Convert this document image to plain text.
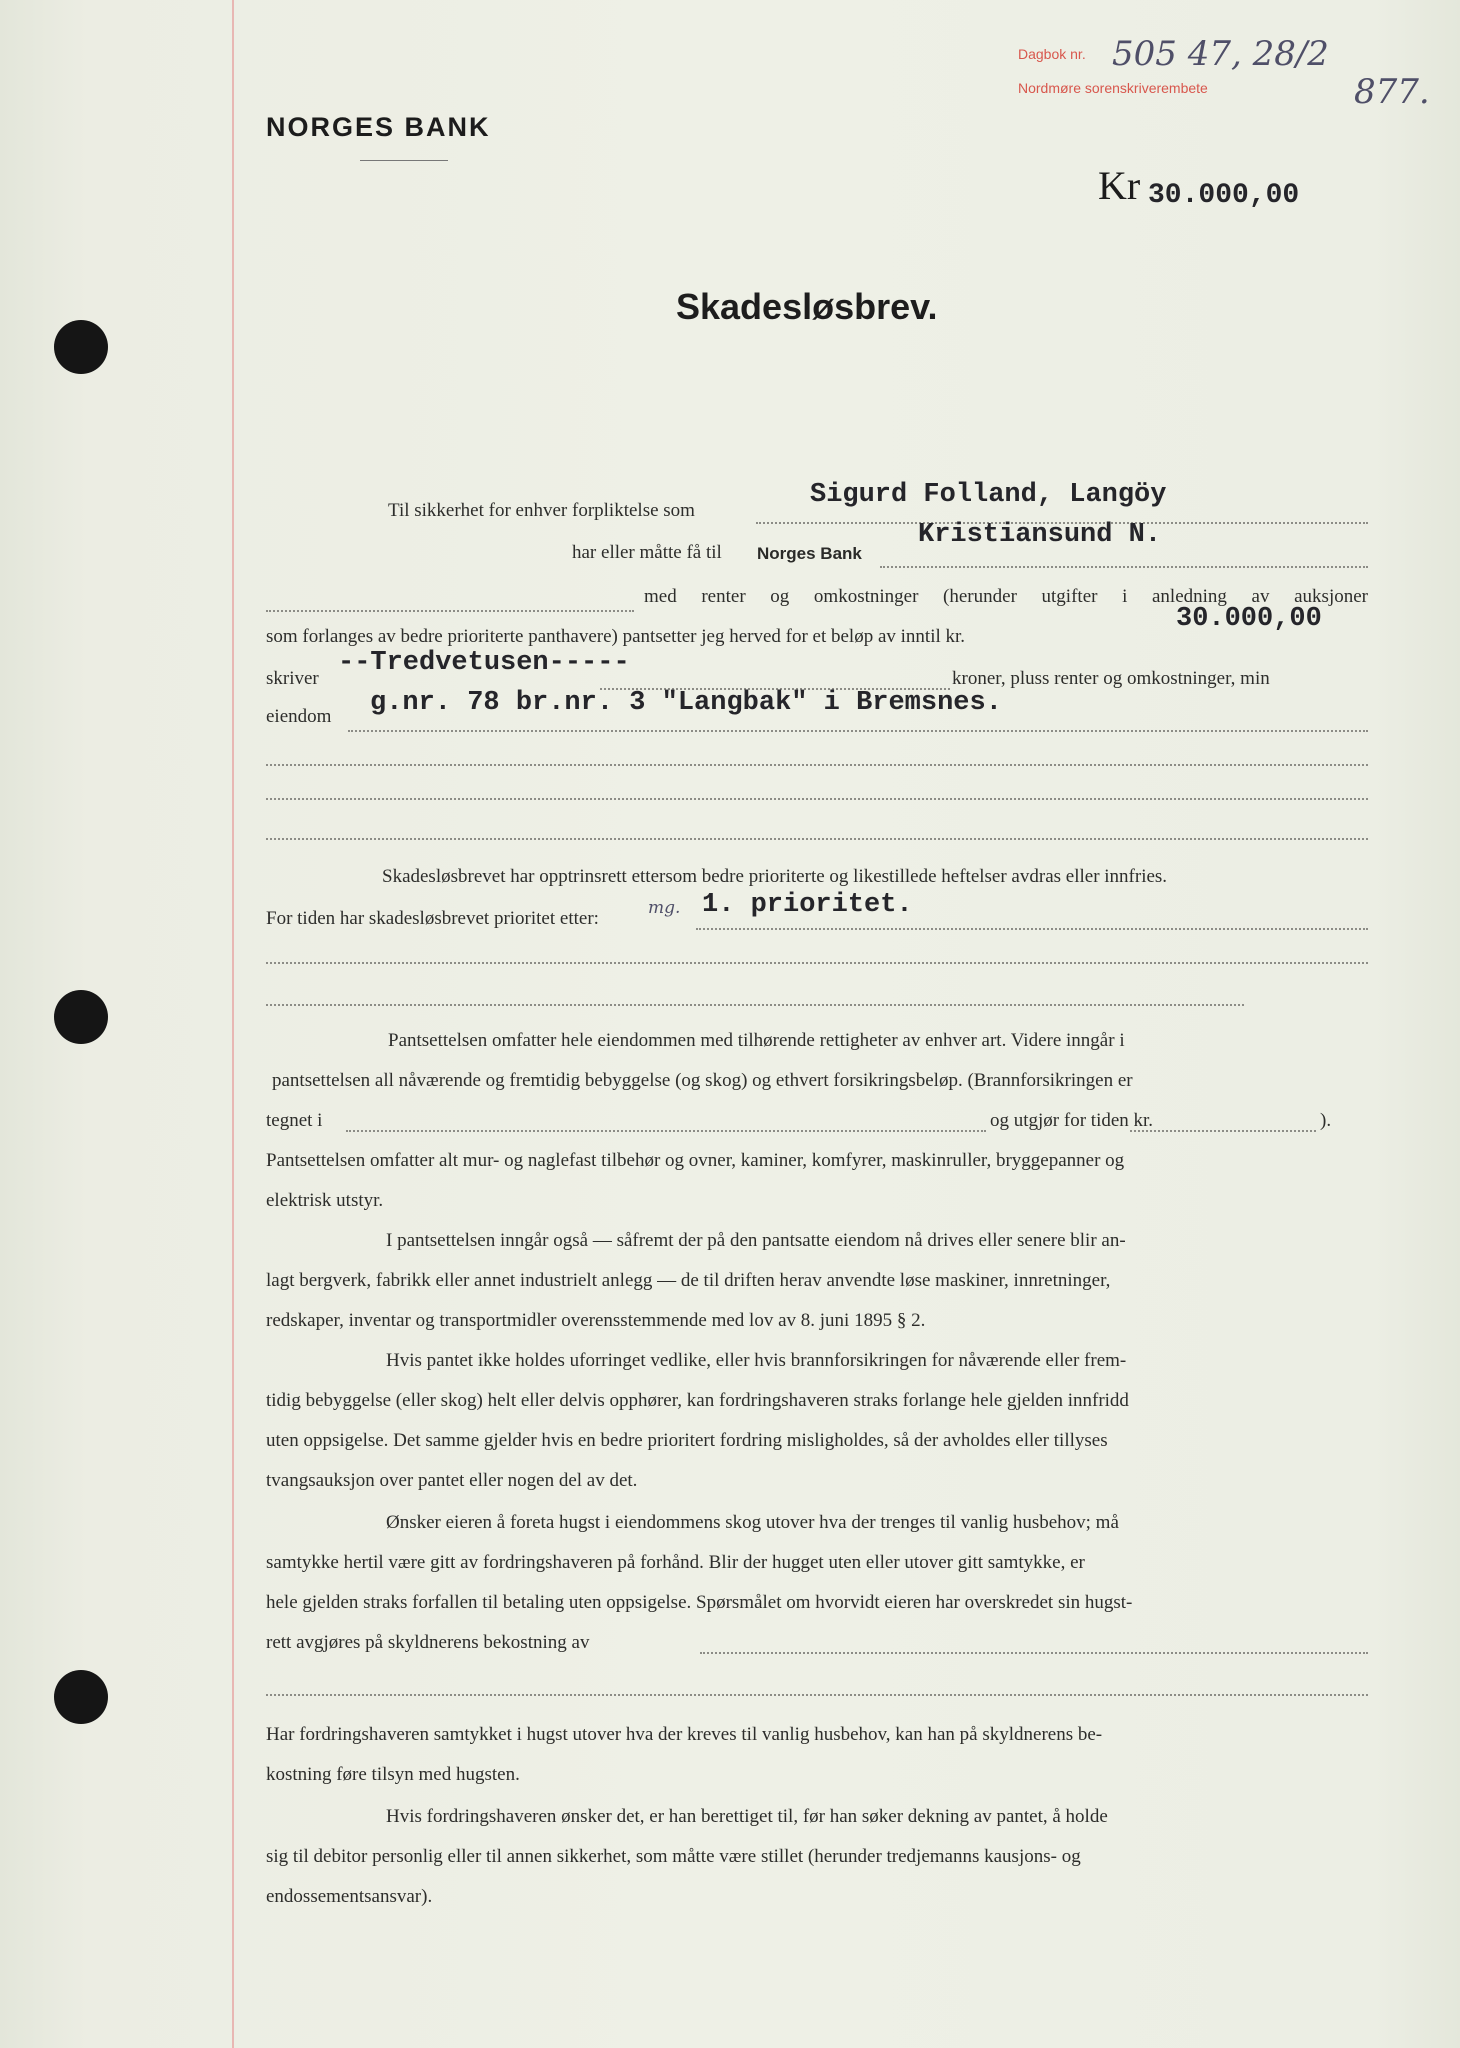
NORGES BANK
Dagbok nr.
Nordmøre sorenskriverembete
505 47, 28/2
877.
Kr 30.000,00
Skadesløsbrev.
Til sikkerhet for enhver forpliktelse som
Sigurd Folland, Langöy
har eller måtte få til Norges Bank
Kristiansund N.
med renter og omkostninger (herunder utgifter i anledning av auksjoner
som forlanges av bedre prioriterte panthavere) pantsetter jeg herved for et beløp av inntil kr.
30.000,00
skriver
--Tredvetusen-----
kroner, pluss renter og omkostninger, min
eiendom g.nr. 78 br.nr. 3 "Langbak" i Bremsnes.
Skadesløsbrevet har opptrinsrett ettersom bedre prioriterte og likestillede heftelser avdras eller innfries.
For tiden har skadesløsbrevet prioritet etter:	mg. 1. prioritet.
Pantsettelsen omfatter hele eiendommen med tilhørende rettigheter av enhver art. Videre inngår i
pantsettelsen all nåværende og fremtidig bebyggelse (og skog) og ethvert forsikringsbeløp. (Brannforsikringen er
tegnet i	og utgjør for tiden kr.	).
Pantsettelsen omfatter alt mur- og naglefast tilbehør og ovner, kaminer, komfyrer, maskinruller, bryggepanner og
elektrisk utstyr.
I pantsettelsen inngår også — såfremt der på den pantsatte eiendom nå drives eller senere blir an-
lagt bergverk, fabrikk eller annet industrielt anlegg — de til driften herav anvendte løse maskiner, innretninger,
redskaper, inventar og transportmidler overensstemmende med lov av 8. juni 1895 § 2.
Hvis pantet ikke holdes uforringet vedlike, eller hvis brannforsikringen for nåværende eller frem-
tidig bebyggelse (eller skog) helt eller delvis opphører, kan fordringshaveren straks forlange hele gjelden innfridd
uten oppsigelse. Det samme gjelder hvis en bedre prioritert fordring misligholdes, så der avholdes eller tillyses
tvangsauksjon over pantet eller nogen del av det.
Ønsker eieren å foreta hugst i eiendommens skog utover hva der trenges til vanlig husbehov; må
samtykke hertil være gitt av fordringshaveren på forhånd. Blir der hugget uten eller utover gitt samtykke, er
hele gjelden straks forfallen til betaling uten oppsigelse. Spørsmålet om hvorvidt eieren har overskredet sin hugst-
rett avgjøres på skyldnerens bekostning av
Har fordringshaveren samtykket i hugst utover hva der kreves til vanlig husbehov, kan han på skyldnerens be-
kostning føre tilsyn med hugsten.
Hvis fordringshaveren ønsker det, er han berettiget til, før han søker dekning av pantet, å holde
sig til debitor personlig eller til annen sikkerhet, som måtte være stillet (herunder tredjemanns kausjons- og
endossementsansvar).
